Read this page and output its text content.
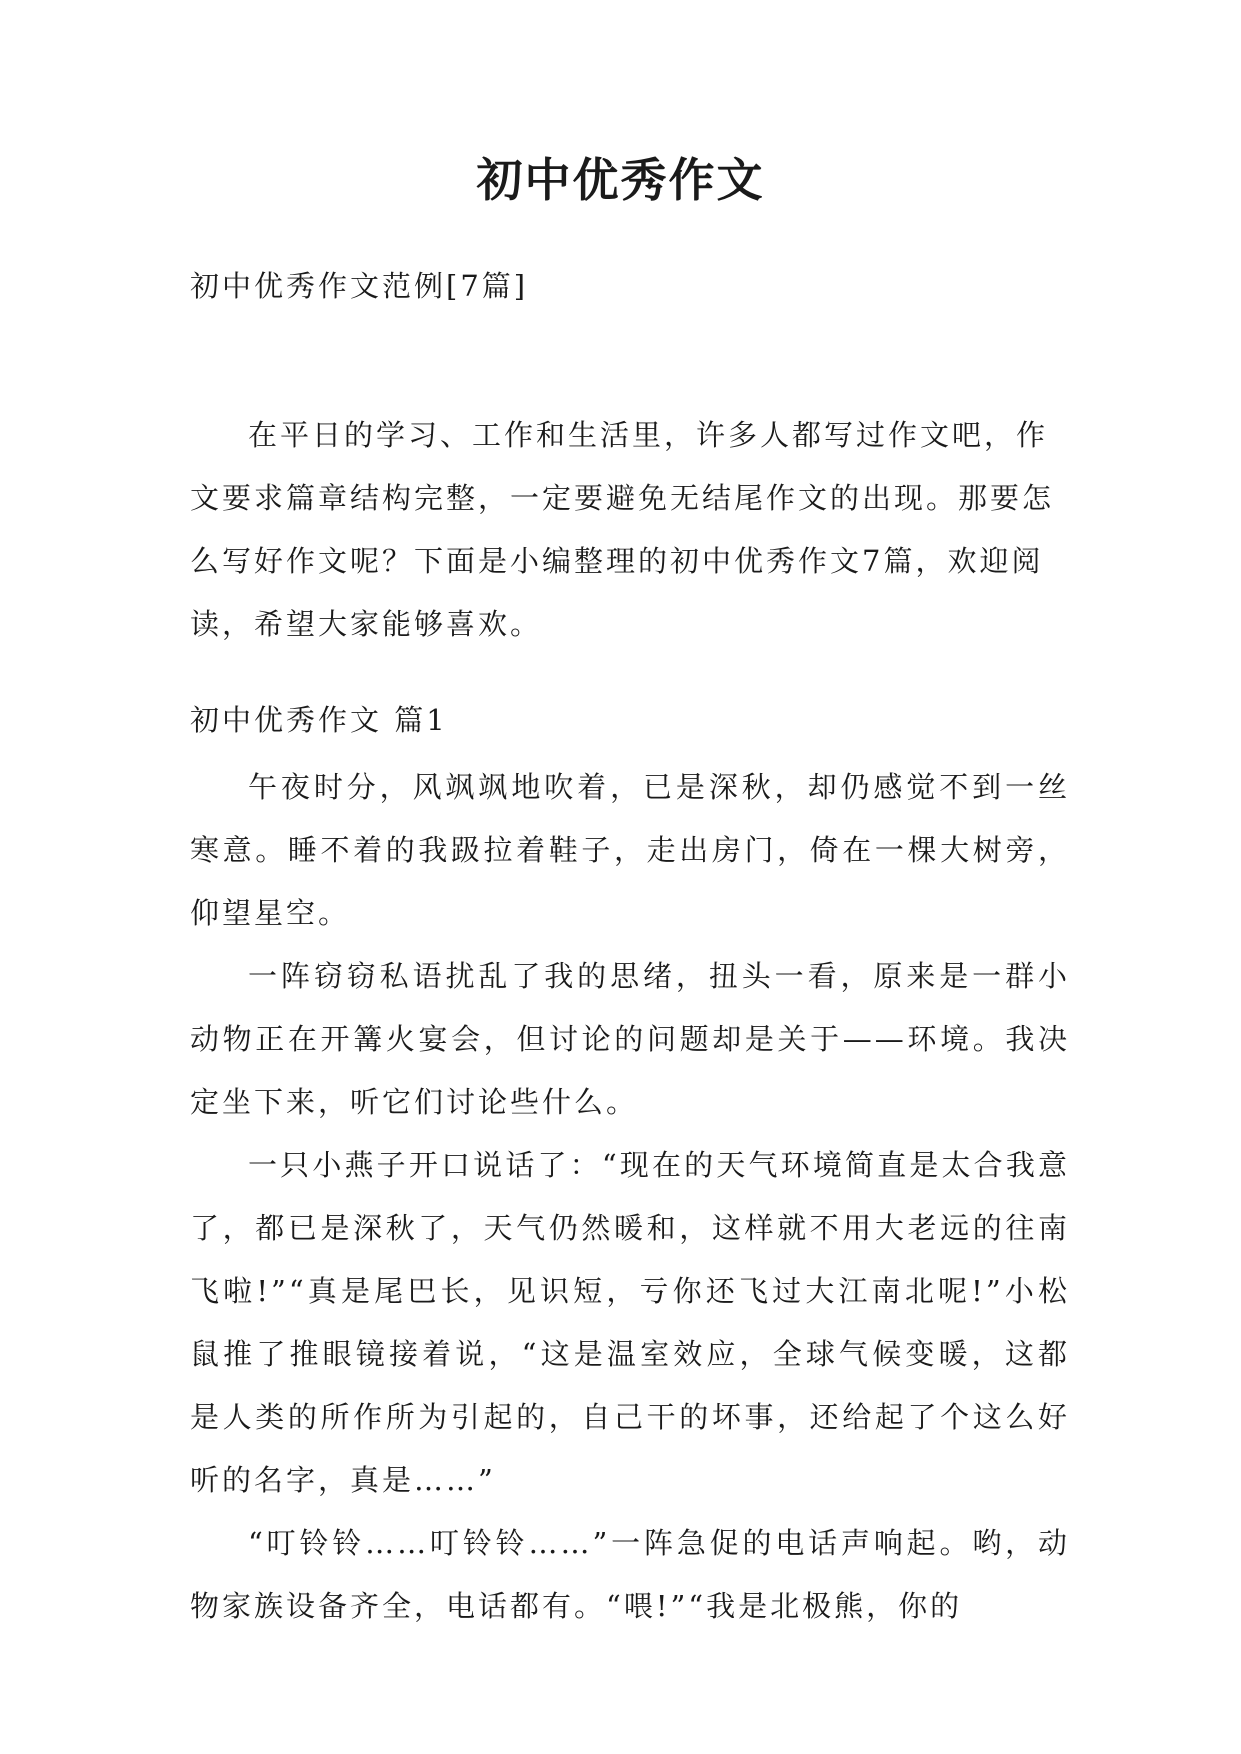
初中优秀作文
初中优秀作文范例[7篇]
在平日的学习、工作和生活里，许多人都写过作文吧，作文要求篇章结构完整，一定要避免无结尾作文的出现。那要怎么写好作文呢？下面是小编整理的初中优秀作文7篇，欢迎阅读，希望大家能够喜欢。
初中优秀作文 篇1

午夜时分，风飒飒地吹着，已是深秋，却仍感觉不到一丝寒意。睡不着的我趿拉着鞋子，走出房门，倚在一棵大树旁，仰望星空。

一阵窃窃私语扰乱了我的思绪，扭头一看，原来是一群小动物正在开篝火宴会，但讨论的问题却是关于——环境。我决定坐下来，听它们讨论些什么。

一只小燕子开口说话了：“现在的天气环境简直是太合我意了，都已是深秋了，天气仍然暖和，这样就不用大老远的往南飞啦!”“真是尾巴长，见识短，亏你还飞过大江南北呢!”小松鼠推了推眼镜接着说，“这是温室效应，全球气候变暖，这都是人类的所作所为引起的，自己干的坏事，还给起了个这么好听的名字，真是……”

“叮铃铃……叮铃铃……”一阵急促的电话声响起。哟，动物家族设备齐全，电话都有。“喂!”“我是北极熊，你的
